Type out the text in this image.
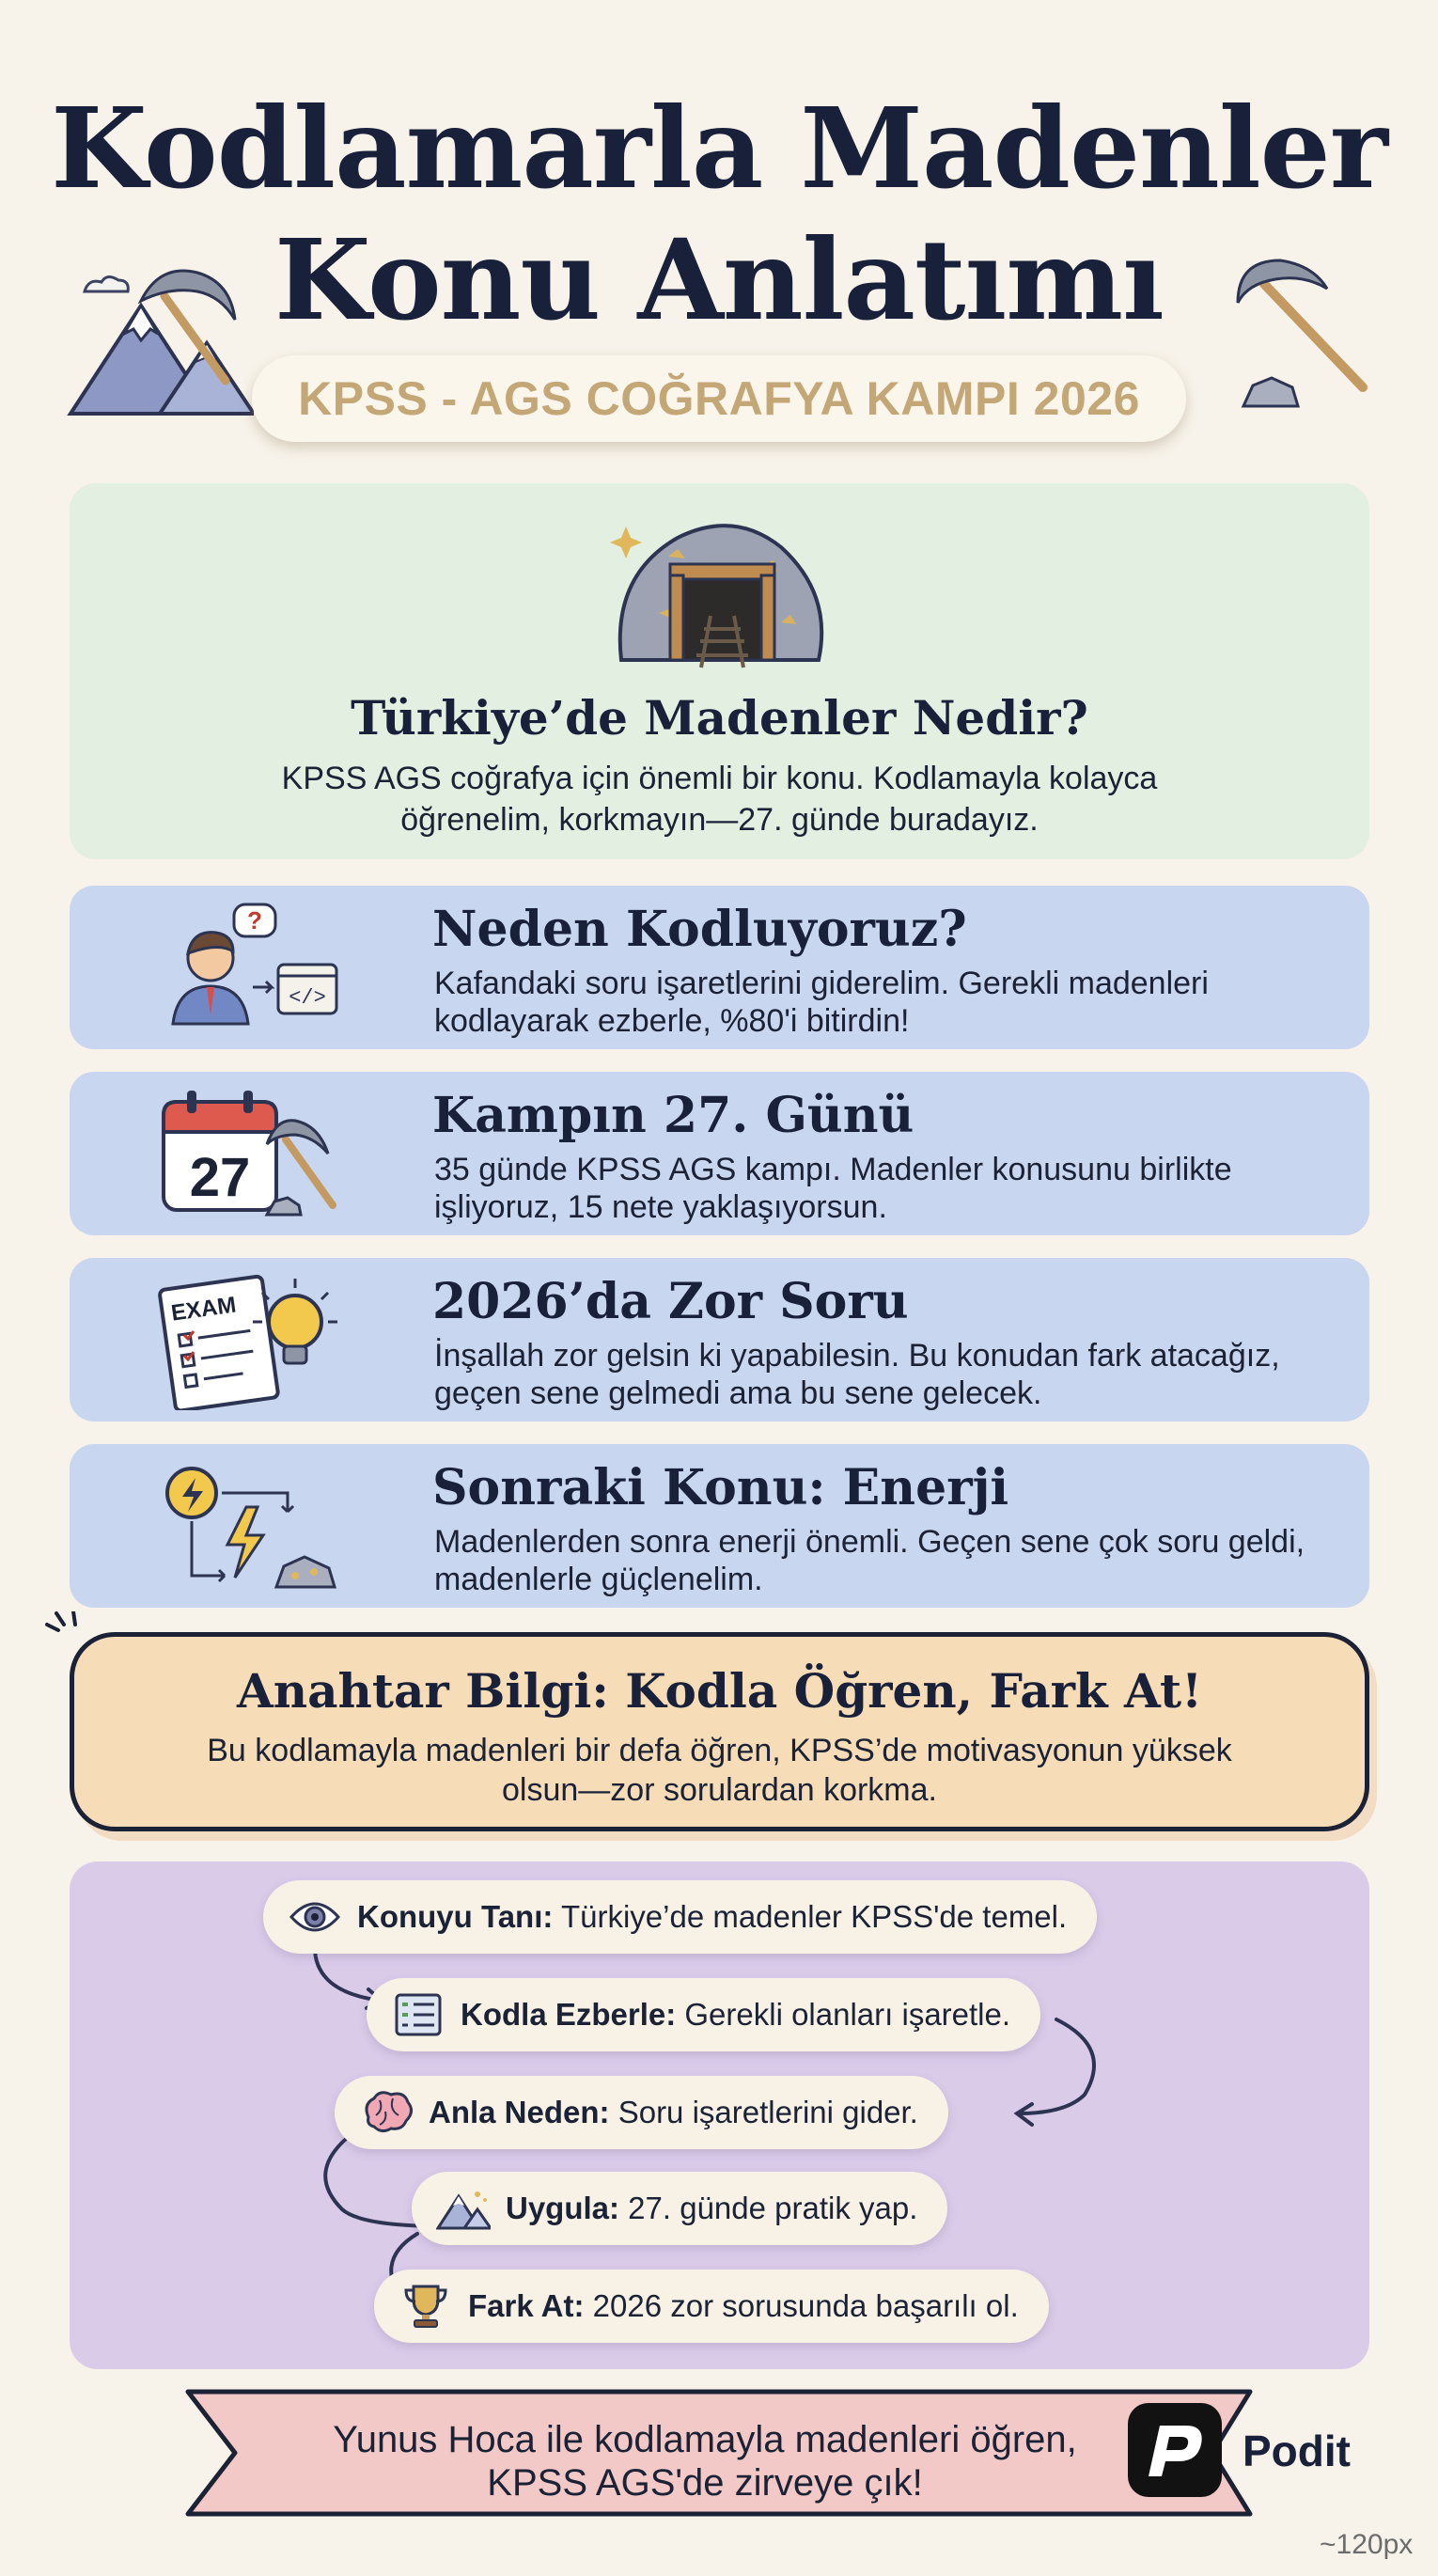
Kodlamarla Madenler
Konu Anlatımı
KPSS - AGS COĞRAFYA KAMPI 2026
Türkiye’de Madenler Nedir?
KPSS AGS coğrafya için önemli bir konu. Kodlamayla kolayca öğrenelim, korkmayın—27. günde buradayız.
?
</>
Neden Kodluyoruz?
Kafandaki soru işaretlerini giderelim. Gerekli madenleri kodlayarak ezberle, %80'i bitirdin!
27
Kampın 27. Günü
35 günde KPSS AGS kampı. Madenler konusunu birlikte işliyoruz, 15 nete yaklaşıyorsun.
EXAM	2026’da Zor Soru
İnşallah zor gelsin ki yapabilesin. Bu konudan fark atacağız, geçen sene gelmedi ama bu sene gelecek.
Sonraki Konu: Enerji
Madenlerden sonra enerji önemli. Geçen sene çok soru geldi, madenlerle güçlenelim.
Anahtar Bilgi: Kodla Öğren, Fark At!
Bu kodlamayla madenleri bir defa öğren, KPSS’de motivasyonun yüksek olsun—zor sorulardan korkma.
Konuyu Tanı: Türkiye’de madenler KPSS'de temel.
Kodla Ezberle: Gerekli olanları işaretle.
Anla Neden: Soru işaretlerini gider.
Uygula: 27. günde pratik yap.
Fark At: 2026 zor sorusunda başarılı ol.
Yunus Hoca ile kodlamayla madenleri öğren,
KPSS AGS'de zirveye çık!
Podit
~120px
